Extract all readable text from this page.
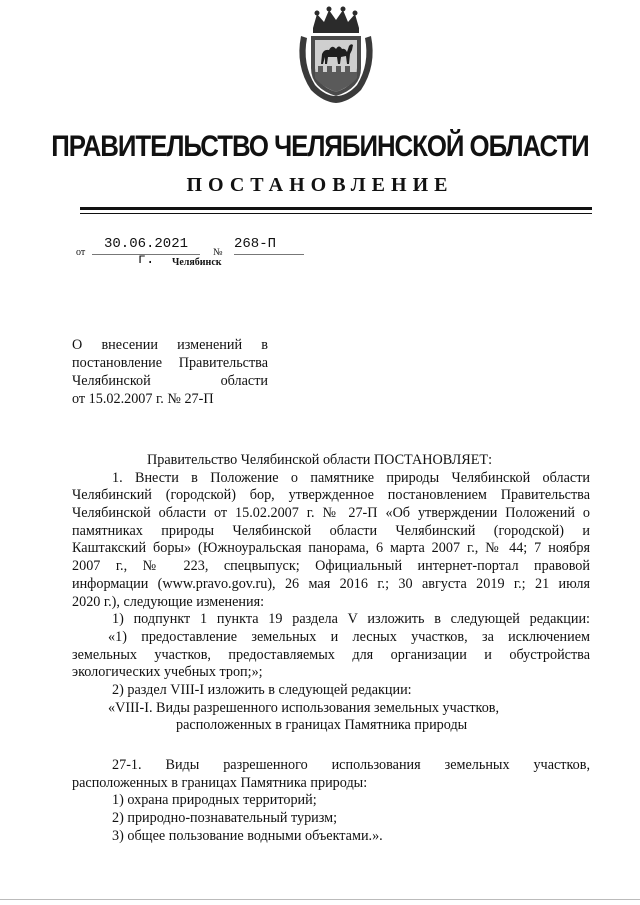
ПРАВИТЕЛЬСТВО ЧЕЛЯБИНСКОЙ ОБЛАСТИ
ПОСТАНОВЛЕНИЕ
от
30.06.2021 г.	№
268-П
Челябинск
О внесении изменений в
постановление Правительства
Челябинской области
от 15.02.2007 г. № 27-П
Правительство Челябинской области ПОСТАНОВЛЯЕТ:
1. Внести в Положение о памятнике природы Челябинской области
Челябинский (городской) бор, утвержденное постановлением Правительства
Челябинской области от 15.02.2007 г. № 27-П «Об утверждении Положений о
памятниках природы Челябинской области Челябинский (городской) и
Каштакский боры» (Южноуральская панорама, 6 марта 2007 г., № 44; 7 ноября
2007 г., № 223, спецвыпуск; Официальный интернет-портал правовой
информации (www.pravo.gov.ru), 26 мая 2016 г.; 30 августа 2019 г.; 21 июля
2020 г.), следующие изменения:
1) подпункт 1 пункта 19 раздела V изложить в следующей редакции:
«1) предоставление земельных и лесных участков, за исключением
земельных участков, предоставляемых для организации и обустройства
экологических учебных троп;»;
2) раздел VIII-I изложить в следующей редакции:
«VIII-I. Виды разрешенного использования земельных участков,
расположенных в границах Памятника природы
27-1. Виды разрешенного использования земельных участков,
расположенных в границах Памятника природы:
1) охрана природных территорий;
2) природно-познавательный туризм;
3) общее пользование водными объектами.».
